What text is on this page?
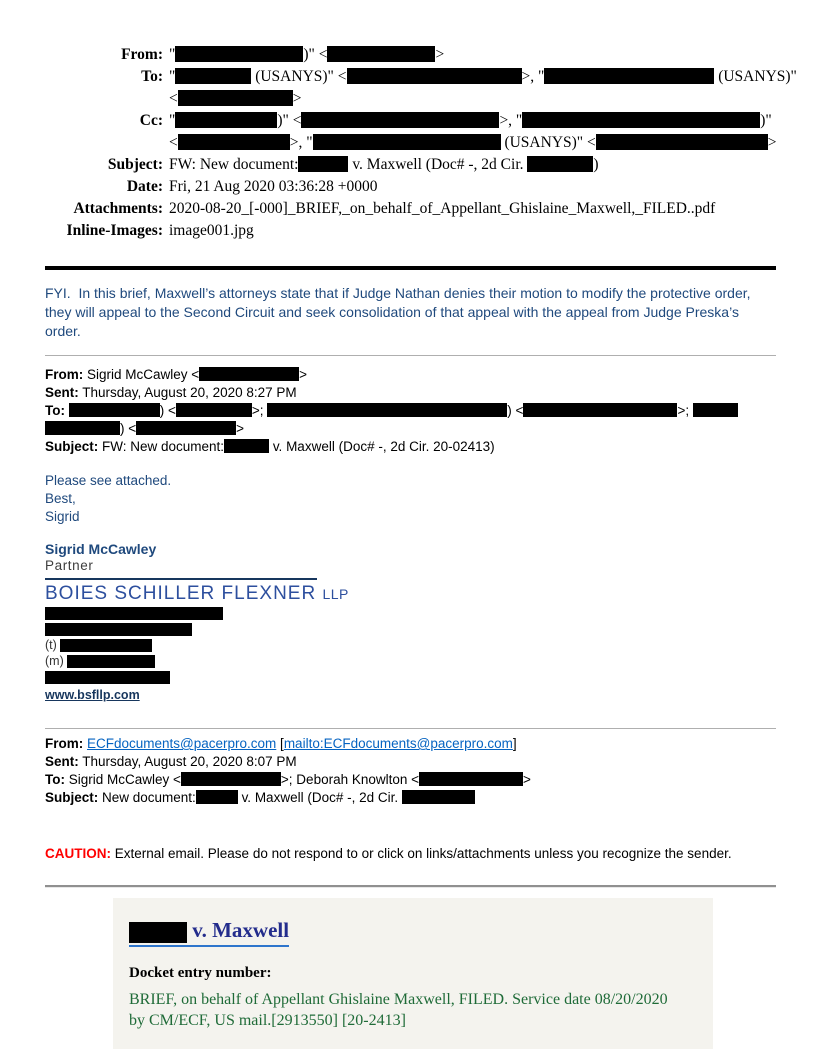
From: "	)" <	>
To: "	(USANYS)" <	>, "	(USANYS)"
<	>
Cc: "	)" <	>, "	)"
<	>, "	(USANYS)" <	>
Subject: FW: New document:	v. Maxwell (Doc# -, 2d Cir.	)
Date: Fri, 21 Aug 2020 03:36:28 +0000
Attachments: 2020-08-20_[-000]_BRIEF,_on_behalf_of_Appellant_Ghislaine_Maxwell,_FILED..pdf
Inline-Images: image001.jpg

FYI.  In this brief, Maxwell’s attorneys state that if Judge Nathan denies their motion to modify the protective order, they will appeal to the Second Circuit and seek consolidation of that appeal with the appeal from Judge Preska’s order.

From: Sigrid McCawley <	>
Sent: Thursday, August 20, 2020 8:27 PM
To:	) <	>;	) <	>;
) <	>
Subject: FW: New document:	v. Maxwell (Doc# -, 2d Cir. 20-02413)
Please see attached.
Best,
Sigrid
Sigrid McCawley
Partner
BOIES SCHILLER FLEXNER LLP
(t)
(m)
www.bsfllp.com
From: ECFdocuments@pacerpro.com [mailto:ECFdocuments@pacerpro.com]
Sent: Thursday, August 20, 2020 8:07 PM
To: Sigrid McCawley <	>; Deborah Knowlton <	>
Subject: New document:	v. Maxwell (Doc# -, 2d Cir.

CAUTION: External email. Please do not respond to or click on links/attachments unless you recognize the sender.

v. Maxwell
Docket entry number:
BRIEF, on behalf of Appellant Ghislaine Maxwell, FILED. Service date 08/20/2020
by CM/ECF, US mail.[2913550] [20-2413]
